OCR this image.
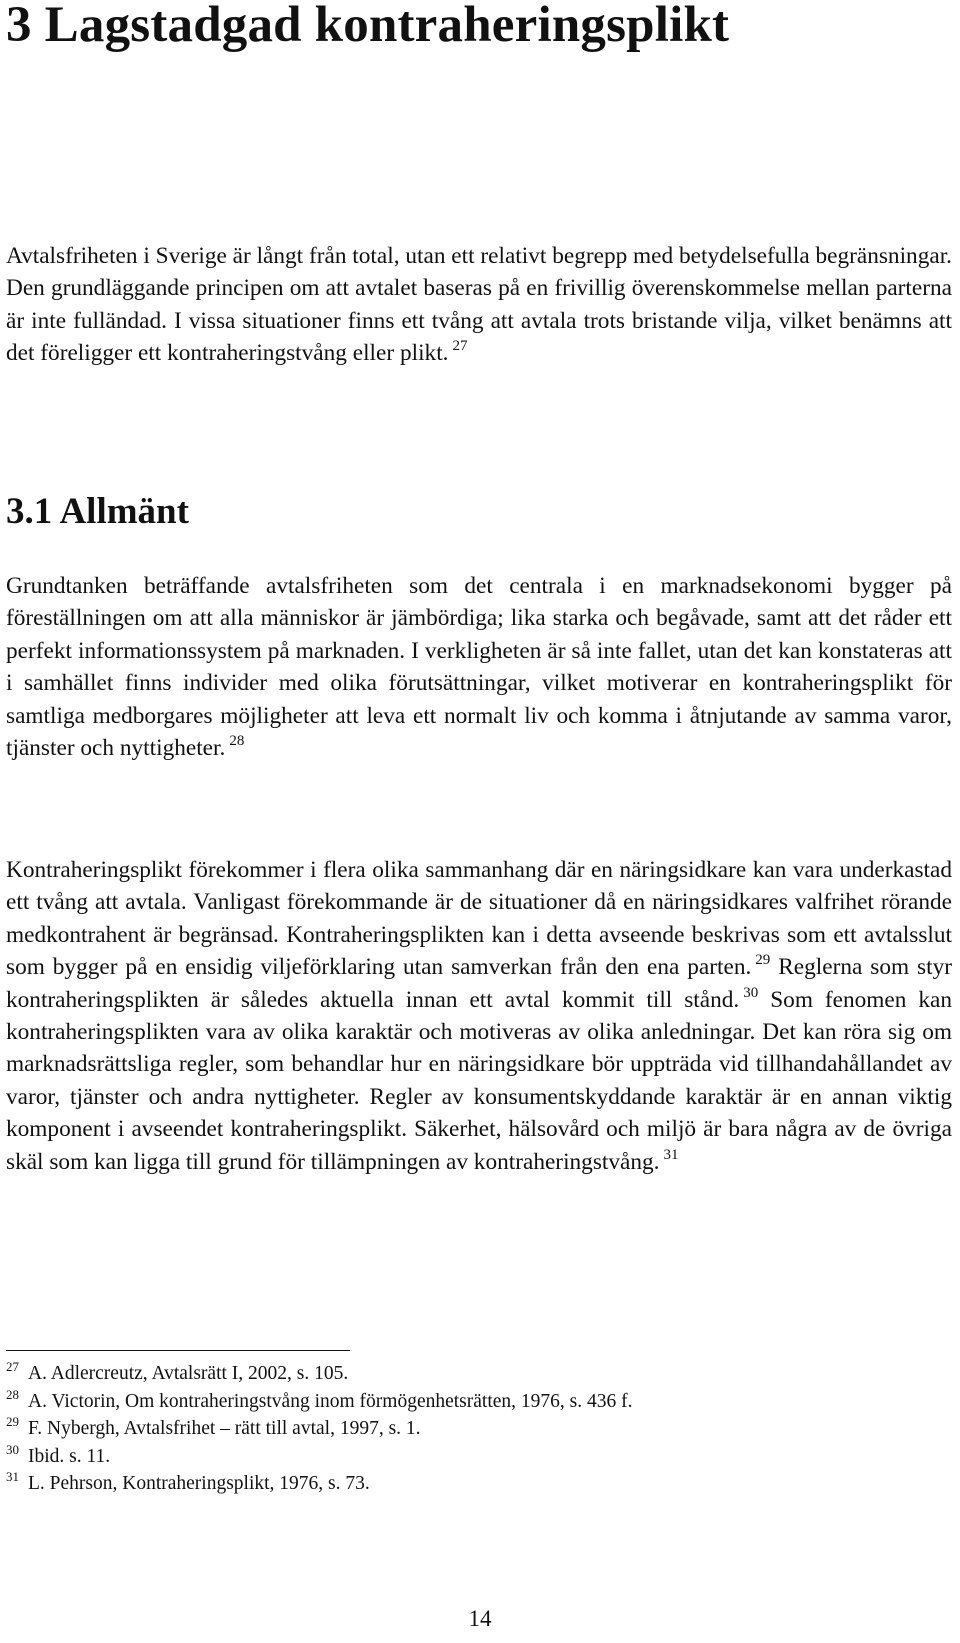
3 Lagstadgad kontraheringsplikt

Avtalsfriheten i Sverige är långt från total, utan ett relativt begrepp med betydelsefulla begränsningar. Den grundläggande principen om att avtalet baseras på en frivillig överenskommelse mellan parterna är inte fulländad. I vissa situationer finns ett tvång att avtala trots bristande vilja, vilket benämns att det föreligger ett kontraheringstvång eller plikt. $^{27}$

3.1 Allmänt

Grundtanken beträffande avtalsfriheten som det centrala i en marknadsekonomi bygger på föreställningen om att alla människor är jämbördiga; lika starka och begåvade, samt att det råder ett perfekt informationssystem på marknaden. I verkligheten är så inte fallet, utan det kan konstateras att i samhället finns individer med olika förutsättningar, vilket motiverar en kontraheringsplikt för samtliga medborgares möjligheter att leva ett normalt liv och komma i åtnjutande av samma varor, tjänster och nyttigheter. $^{28}$

Kontraheringsplikt förekommer i flera olika sammanhang där en näringsidkare kan vara underkastad ett tvång att avtala. Vanligast förekommande är de situationer då en näringsidkares valfrihet rörande medkontrahent är begränsad. Kontraheringsplikten kan i detta avseende beskrivas som ett avtalsslut som bygger på en ensidig viljeförklaring utan samverkan från den ena parten. $^{29}$ Reglerna som styr kontraheringsplikten är således aktuella innan ett avtal kommit till stånd. $^{30}$ Som fenomen kan kontraheringsplikten vara av olika karaktär och motiveras av olika anledningar. Det kan röra sig om marknadsrättsliga regler, som behandlar hur en näringsidkare bör uppträda vid tillhandahållandet av varor, tjänster och andra nyttigheter. Regler av konsumentskyddande karaktär är en annan viktig komponent i avseendet kontraheringsplikt. Säkerhet, hälsovård och miljö är bara några av de övriga skäl som kan ligga till grund för tillämpningen av kontraheringstvång. $^{31}$

$^{27}$ A. Adlercreutz, Avtalsrätt I, 2002, s. 105.
$^{28}$ A. Victorin, Om kontraheringstvång inom förmögenhetsrätten, 1976, s. 436 f.
$^{29}$ F. Nybergh, Avtalsfrihet – rätt till avtal, 1997, s. 1.
$^{30}$ Ibid. s. 11.
$^{31}$ L. Pehrson, Kontraheringsplikt, 1976, s. 73.
14
